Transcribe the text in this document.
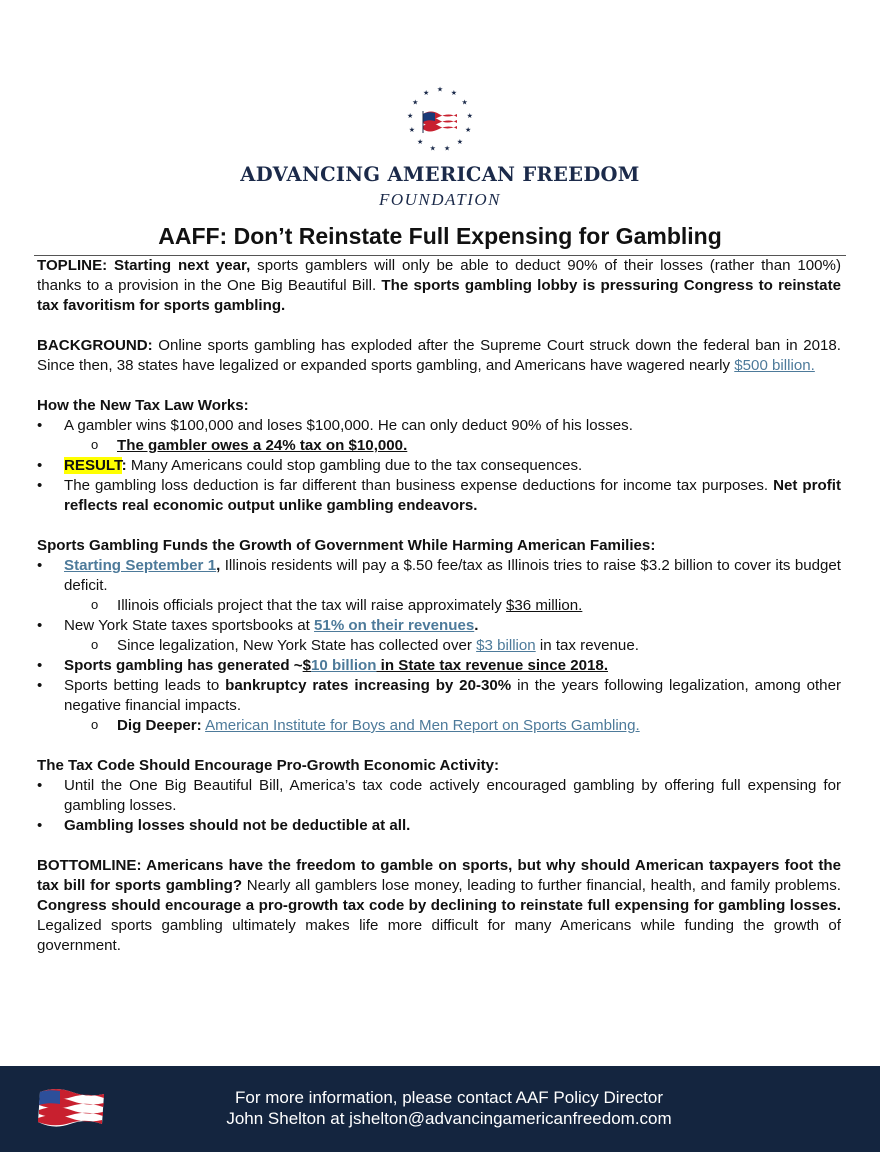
★ ★
★
★
★
★
★
★
★
★
★
★
★
ADVANCING AMERICAN FREEDOM
FOUNDATION
AAFF: Don’t Reinstate Full Expensing for Gambling

TOPLINE: Starting next year, sports gamblers will only be able to deduct 90% of their losses (rather than 100%) thanks to a provision in the One Big Beautiful Bill. The sports gambling lobby is pressuring Congress to reinstate tax favoritism for sports gambling.

BACKGROUND: Online sports gambling has exploded after the Supreme Court struck down the federal ban in 2018. Since then, 38 states have legalized or expanded sports gambling, and Americans have wagered nearly $500 billion.

How the New Tax Law Works:

• A gambler wins $100,000 and loses $100,000. He can only deduct 90% of his losses.
o The gambler owes a 24% tax on $10,000.
• RESULT: Many Americans could stop gambling due to the tax consequences.
• The gambling loss deduction is far different than business expense deductions for income tax purposes. Net profit reflects real economic output unlike gambling endeavors.

Sports Gambling Funds the Growth of Government While Harming American Families:

• Starting September 1, Illinois residents will pay a $.50 fee/tax as Illinois tries to raise $3.2 billion to cover its budget deficit.
o Illinois officials project that the tax will raise approximately $36 million.
• New York State taxes sportsbooks at 51% on their revenues.
o Since legalization, New York State has collected over $3 billion in tax revenue.
• Sports gambling has generated ~$10 billion in State tax revenue since 2018.
• Sports betting leads to bankruptcy rates increasing by 20-30% in the years following legalization, among other negative financial impacts.
o Dig Deeper: American Institute for Boys and Men Report on Sports Gambling.

The Tax Code Should Encourage Pro-Growth Economic Activity:

• Until the One Big Beautiful Bill, America’s tax code actively encouraged gambling by offering full expensing for gambling losses.
• Gambling losses should not be deductible at all.

BOTTOMLINE: Americans have the freedom to gamble on sports, but why should American taxpayers foot the tax bill for sports gambling? Nearly all gamblers lose money, leading to further financial, health, and family problems. Congress should encourage a pro-growth tax code by declining to reinstate full expensing for gambling losses. Legalized sports gambling ultimately makes life more difficult for many Americans while funding the growth of government.

For more information, please contact AAF Policy Director
John Shelton at jshelton@advancingamericanfreedom.com
